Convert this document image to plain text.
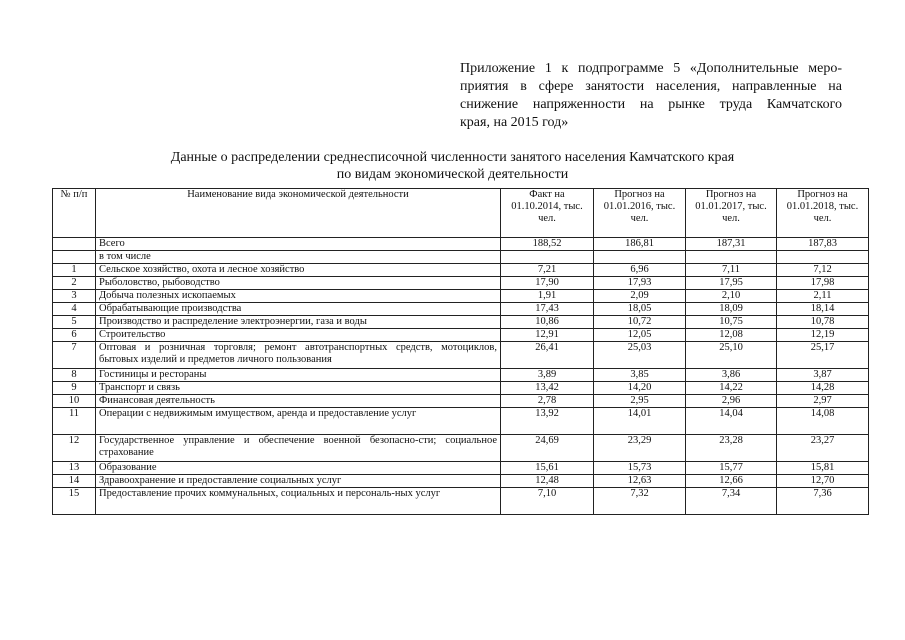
Приложение 1 к подпрограмме 5 «Дополнительные меро-
приятия в сфере занятости населения, направленные на
снижение напряженности на рынке труда Камчатского
края, на 2015 год»
Данные о распределении среднесписочной численности занятого населения Камчатского края
по видам экономической деятельности
№ п/п	Наименование вида экономической деятельности	Факт на 01.10.2014, тыс. чел.	Прогноз на 01.01.2016, тыс. чел.	Прогноз на 01.01.2017, тыс. чел.	Прогноз на 01.01.2018, тыс. чел.
	Всего	188,52	186,81	187,31	187,83
	в том числе				
1	Сельское хозяйство, охота и лесное хозяйство	7,21	6,96	7,11	7,12
2	Рыболовство, рыбоводство	17,90	17,93	17,95	17,98
3	Добыча полезных ископаемых	1,91	2,09	2,10	2,11
4	Обрабатывающие производства	17,43	18,05	18,09	18,14
5	Производство и распределение электроэнергии, газа и воды	10,86	10,72	10,75	10,78
6	Строительство	12,91	12,05	12,08	12,19
7	Оптовая и розничная торговля; ремонт автотранспортных средств, мотоциклов, бытовых изделий и предметов личного пользования	26,41	25,03	25,10	25,17
8	Гостиницы и рестораны	3,89	3,85	3,86	3,87
9	Транспорт и связь	13,42	14,20	14,22	14,28
10	Финансовая деятельность	2,78	2,95	2,96	2,97
11	Операции с недвижимым имуществом, аренда и предоставление услуг	13,92	14,01	14,04	14,08
12	Государственное управление и обеспечение военной безопасно-сти; социальное страхование	24,69	23,29	23,28	23,27
13	Образование	15,61	15,73	15,77	15,81
14	Здравоохранение и предоставление социальных услуг	12,48	12,63	12,66	12,70
15	Предоставление прочих коммунальных, социальных и персональ-ных услуг	7,10	7,32	7,34	7,36
